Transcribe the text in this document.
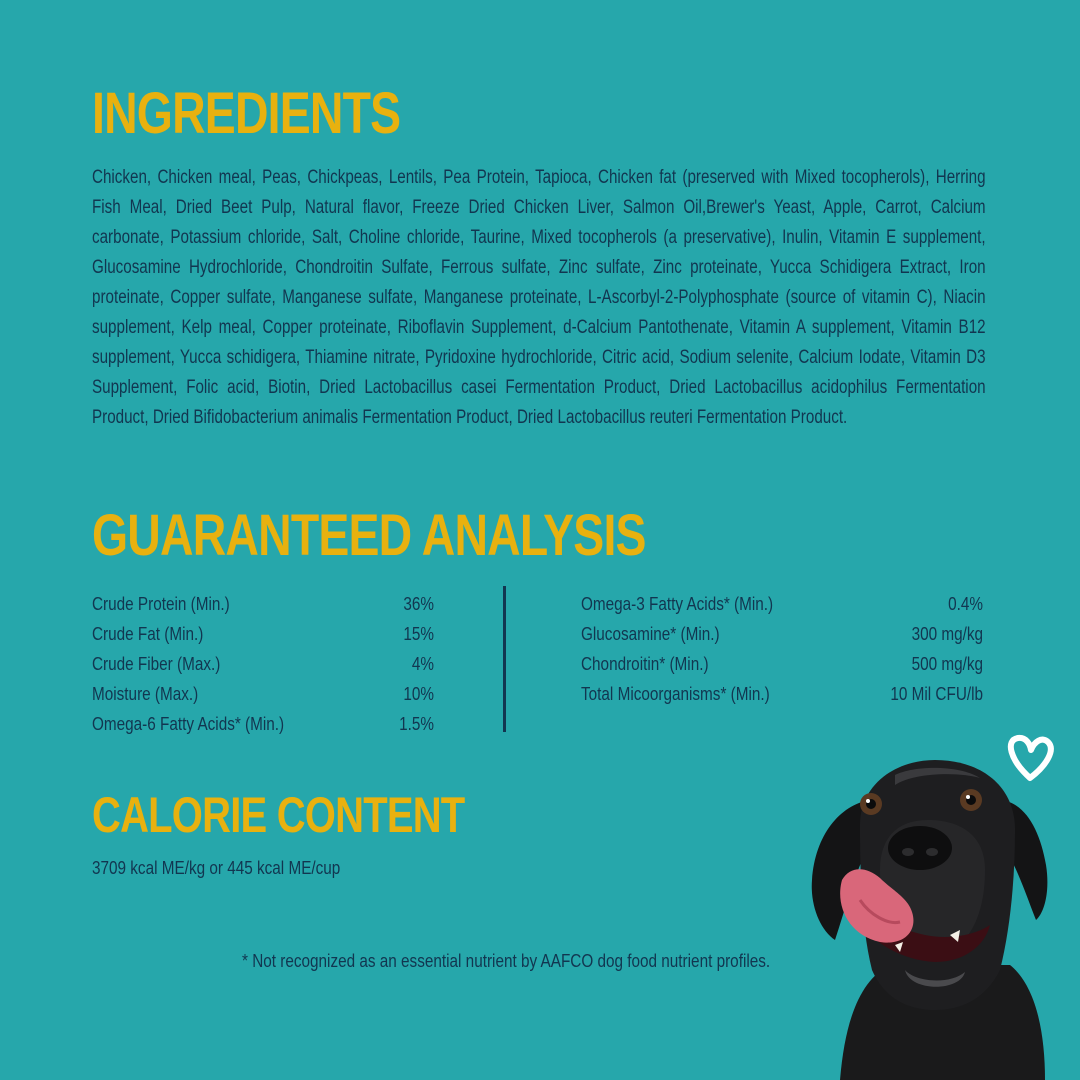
INGREDIENTS

Chicken, Chicken meal, Peas, Chickpeas, Lentils, Pea Protein, Tapioca, Chicken fat (preserved with Mixed tocopherols), Herring Fish Meal, Dried Beet Pulp, Natural flavor, Freeze Dried Chicken Liver, Salmon Oil,Brewer's Yeast, Apple, Carrot, Calcium carbonate, Potassium chloride, Salt, Choline chloride, Taurine, Mixed tocopherols (a preservative), Inulin, Vitamin E supplement, Glucosamine Hydrochloride, Chondroitin Sulfate, Ferrous sulfate, Zinc sulfate, Zinc proteinate, Yucca Schidigera Extract, Iron proteinate, Copper sulfate, Manganese sulfate, Manganese proteinate, L-Ascorbyl-2-Polyphosphate (source of vitamin C), Niacin supplement, Kelp meal, Copper proteinate, Riboflavin Supplement, d-Calcium Pantothenate, Vitamin A supplement, Vitamin B12 supplement, Yucca schidigera, Thiamine nitrate, Pyridoxine hydrochloride, Citric acid, Sodium selenite, Calcium Iodate, Vitamin D3 Supplement, Folic acid, Biotin, Dried Lactobacillus casei Fermentation Product, Dried Lactobacillus acidophilus Fermentation Product, Dried Bifidobacterium animalis Fermentation Product, Dried Lactobacillus reuteri Fermentation Product.

GUARANTEED ANALYSIS
Crude Protein (Min.)	36%
Crude Fat (Min.)	15%
Crude Fiber (Max.)	4%
Moisture (Max.)	10%
Omega-6 Fatty Acids* (Min.)	1.5%
Omega-3 Fatty Acids* (Min.)	0.4%
Glucosamine* (Min.)	300 mg/kg
Chondroitin* (Min.)	500 mg/kg
Total Micoorganisms* (Min.)	10 Mil CFU/lb
CALORIE CONTENT
3709 kcal ME/kg or 445 kcal ME/cup
* Not recognized as an essential nutrient by AAFCO dog food nutrient profiles.
